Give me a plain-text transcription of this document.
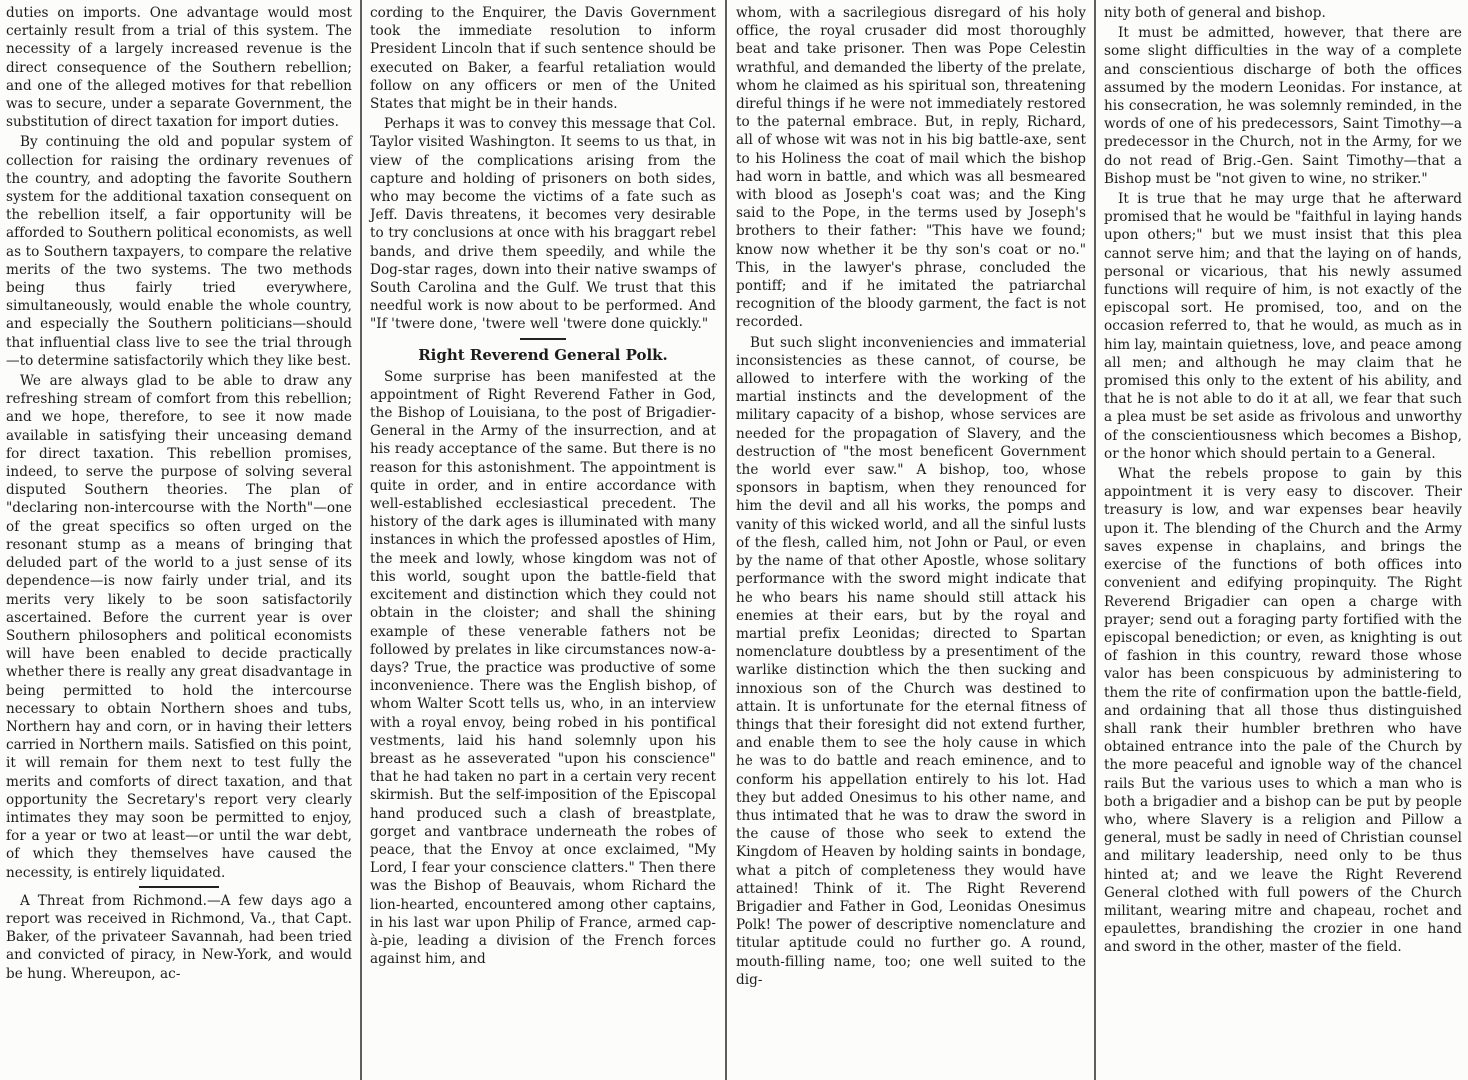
duties on imports. One advantage would most certainly result from a trial of this system. The necessity of a largely increased revenue is the direct consequence of the Southern rebellion; and one of the alleged motives for that rebellion was to secure, under a separate Government, the substitution of direct taxation for import duties.

By continuing the old and popular system of collection for raising the ordinary revenues of the country, and adopting the favorite Southern system for the additional taxation consequent on the rebellion itself, a fair opportunity will be afforded to Southern political economists, as well as to Southern taxpayers, to compare the relative merits of the two systems. The two methods being thus fairly tried everywhere, simultaneously, would enable the whole country, and especially the Southern politicians—should that influential class live to see the trial through—to determine satisfactorily which they like best.

We are always glad to be able to draw any refreshing stream of comfort from this rebellion; and we hope, therefore, to see it now made available in satisfying their unceasing demand for direct taxation. This rebellion promises, indeed, to serve the purpose of solving several disputed Southern theories. The plan of "declaring non-intercourse with the North"—one of the great specifics so often urged on the resonant stump as a means of bringing that deluded part of the world to a just sense of its dependence—is now fairly under trial, and its merits very likely to be soon satisfactorily ascertained. Before the current year is over Southern philosophers and political economists will have been enabled to decide practically whether there is really any great disadvantage in being permitted to hold the intercourse necessary to obtain Northern shoes and tubs, Northern hay and corn, or in having their letters carried in Northern mails. Satisfied on this point, it will remain for them next to test fully the merits and comforts of direct taxation, and that opportunity the Secretary's report very clearly intimates they may soon be permitted to enjoy, for a year or two at least—or until the war debt, of which they themselves have caused the necessity, is entirely liquidated.

A Threat from Richmond.—A few days ago a report was received in Richmond, Va., that Capt. Baker, of the privateer Savannah, had been tried and convicted of piracy, in New-York, and would be hung. Whereupon, ac-

cording to the Enquirer, the Davis Government took the immediate resolution to inform President Lincoln that if such sentence should be executed on Baker, a fearful retaliation would follow on any officers or men of the United States that might be in their hands.

Perhaps it was to convey this message that Col. Taylor visited Washington. It seems to us that, in view of the complications arising from the capture and holding of prisoners on both sides, who may become the victims of a fate such as Jeff. Davis threatens, it becomes very desirable to try conclusions at once with his braggart rebel bands, and drive them speedily, and while the Dog-star rages, down into their native swamps of South Carolina and the Gulf. We trust that this needful work is now about to be performed. And "If 'twere done, 'twere well 'twere done quickly."

Right Reverend General Polk.

Some surprise has been manifested at the appointment of Right Reverend Father in God, the Bishop of Louisiana, to the post of Brigadier-General in the Army of the insurrection, and at his ready acceptance of the same. But there is no reason for this astonishment. The appointment is quite in order, and in entire accordance with well-established ecclesiastical precedent. The history of the dark ages is illuminated with many instances in which the professed apostles of Him, the meek and lowly, whose kingdom was not of this world, sought upon the battle-field that excitement and distinction which they could not obtain in the cloister; and shall the shining example of these venerable fathers not be followed by prelates in like circumstances now-a-days? True, the practice was productive of some inconvenience. There was the English bishop, of whom Walter Scott tells us, who, in an interview with a royal envoy, being robed in his pontifical vestments, laid his hand solemnly upon his breast as he asseverated "upon his conscience" that he had taken no part in a certain very recent skirmish. But the self-imposition of the Episcopal hand produced such a clash of breastplate, gorget and vantbrace underneath the robes of peace, that the Envoy at once exclaimed, "My Lord, I fear your conscience clatters." Then there was the Bishop of Beauvais, whom Richard the lion-hearted, encountered among other captains, in his last war upon Philip of France, armed cap-à-pie, leading a division of the French forces against him, and

whom, with a sacrilegious disregard of his holy office, the royal crusader did most thoroughly beat and take prisoner. Then was Pope Celestin wrathful, and demanded the liberty of the prelate, whom he claimed as his spiritual son, threatening direful things if he were not immediately restored to the paternal embrace. But, in reply, Richard, all of whose wit was not in his big battle-axe, sent to his Holiness the coat of mail which the bishop had worn in battle, and which was all besmeared with blood as Joseph's coat was; and the King said to the Pope, in the terms used by Joseph's brothers to their father: "This have we found; know now whether it be thy son's coat or no." This, in the lawyer's phrase, concluded the pontiff; and if he imitated the patriarchal recognition of the bloody garment, the fact is not recorded.

But such slight inconveniencies and immaterial inconsistencies as these cannot, of course, be allowed to interfere with the working of the martial instincts and the development of the military capacity of a bishop, whose services are needed for the propagation of Slavery, and the destruction of "the most beneficent Government the world ever saw." A bishop, too, whose sponsors in baptism, when they renounced for him the devil and all his works, the pomps and vanity of this wicked world, and all the sinful lusts of the flesh, called him, not John or Paul, or even by the name of that other Apostle, whose solitary performance with the sword might indicate that he who bears his name should still attack his enemies at their ears, but by the royal and martial prefix Leonidas; directed to Spartan nomenclature doubtless by a presentiment of the warlike distinction which the then sucking and innoxious son of the Church was destined to attain. It is unfortunate for the eternal fitness of things that their foresight did not extend further, and enable them to see the holy cause in which he was to do battle and reach eminence, and to conform his appellation entirely to his lot. Had they but added Onesimus to his other name, and thus intimated that he was to draw the sword in the cause of those who seek to extend the Kingdom of Heaven by holding saints in bondage, what a pitch of completeness they would have attained! Think of it. The Right Reverend Brigadier and Father in God, Leonidas Onesimus Polk! The power of descriptive nomenclature and titular aptitude could no further go. A round, mouth-filling name, too; one well suited to the dig-

nity both of general and bishop.

It must be admitted, however, that there are some slight difficulties in the way of a complete and conscientious discharge of both the offices assumed by the modern Leonidas. For instance, at his consecration, he was solemnly reminded, in the words of one of his predecessors, Saint Timothy—a predecessor in the Church, not in the Army, for we do not read of Brig.-Gen. Saint Timothy—that a Bishop must be "not given to wine, no striker."

It is true that he may urge that he afterward promised that he would be "faithful in laying hands upon others;" but we must insist that this plea cannot serve him; and that the laying on of hands, personal or vicarious, that his newly assumed functions will require of him, is not exactly of the episcopal sort. He promised, too, and on the occasion referred to, that he would, as much as in him lay, maintain quietness, love, and peace among all men; and although he may claim that he promised this only to the extent of his ability, and that he is not able to do it at all, we fear that such a plea must be set aside as frivolous and unworthy of the conscientiousness which becomes a Bishop, or the honor which should pertain to a General.

What the rebels propose to gain by this appointment it is very easy to discover. Their treasury is low, and war expenses bear heavily upon it. The blending of the Church and the Army saves expense in chaplains, and brings the exercise of the functions of both offices into convenient and edifying propinquity. The Right Reverend Brigadier can open a charge with prayer; send out a foraging party fortified with the episcopal benediction; or even, as knighting is out of fashion in this country, reward those whose valor has been conspicuous by administering to them the rite of confirmation upon the battle-field, and ordaining that all those thus distinguished shall rank their humbler brethren who have obtained entrance into the pale of the Church by the more peaceful and ignoble way of the chancel rails But the various uses to which a man who is both a brigadier and a bishop can be put by people who, where Slavery is a religion and Pillow a general, must be sadly in need of Christian counsel and military leadership, need only to be thus hinted at; and we leave the Right Reverend General clothed with full powers of the Church militant, wearing mitre and chapeau, rochet and epaulettes, brandishing the crozier in one hand and sword in the other, master of the field.
